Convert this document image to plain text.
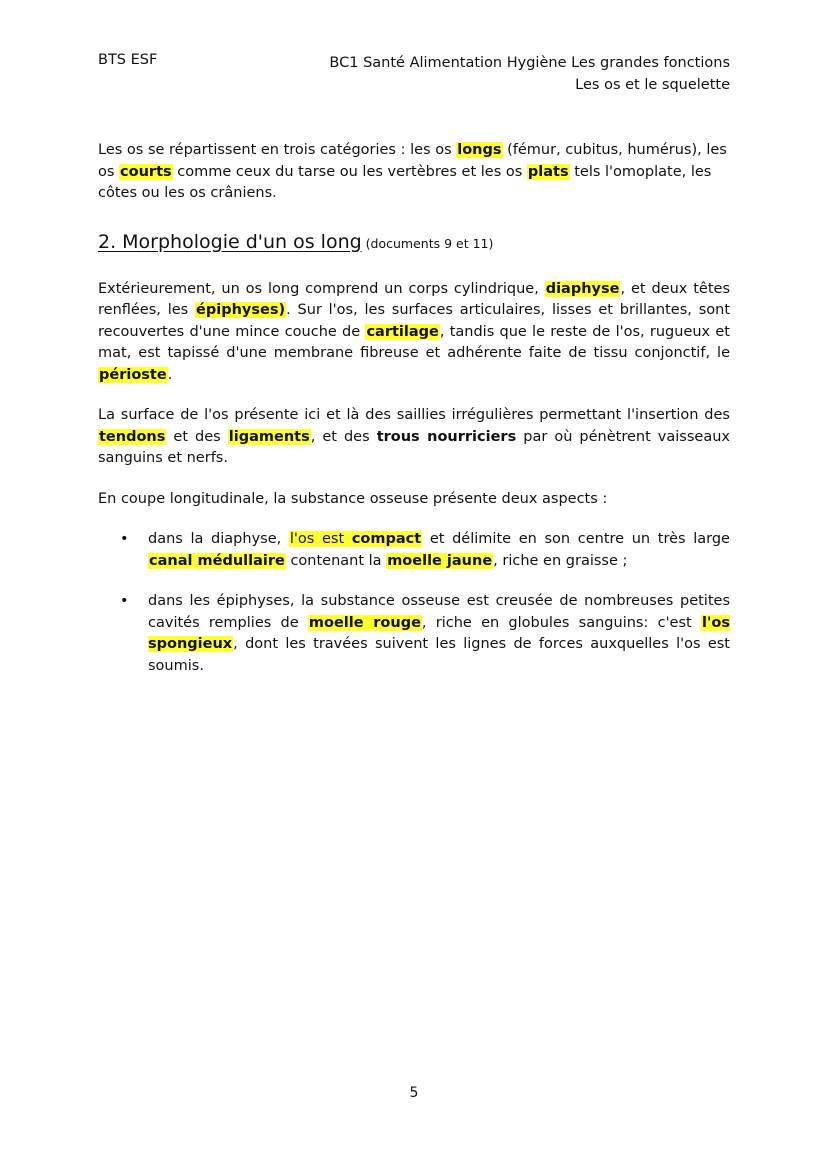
BTS ESF	BC1 Santé Alimentation Hygiène Les grandes fonctions
Les os et le squelette

Les os se répartissent en trois catégories : les os longs (fémur, cubitus, humérus), les os courts comme ceux du tarse ou les vertèbres et les os plats tels l'omoplate, les côtes ou les os crâniens.

2. Morphologie d'un os long (documents 9 et 11)

Extérieurement, un os long comprend un corps cylindrique, diaphyse, et deux têtes renflées, les épiphyses). Sur l'os, les surfaces articulaires, lisses et brillantes, sont recouvertes d'une mince couche de cartilage, tandis que le reste de l'os, rugueux et mat, est tapissé d'une membrane fibreuse et adhérente faite de tissu conjonctif, le périoste.

La surface de l'os présente ici et là des saillies irrégulières permettant l'insertion des tendons et des ligaments, et des trous nourriciers par où pénètrent vaisseaux sanguins et nerfs.

En coupe longitudinale, la substance osseuse présente deux aspects :

• dans la diaphyse, l'os est compact et délimite en son centre un très large canal médullaire contenant la moelle jaune, riche en graisse ;
• dans les épiphyses, la substance osseuse est creusée de nombreuses petites cavités remplies de moelle rouge, riche en globules sanguins: c'est l'os spongieux, dont les travées suivent les lignes de forces auxquelles l'os est soumis.
5
